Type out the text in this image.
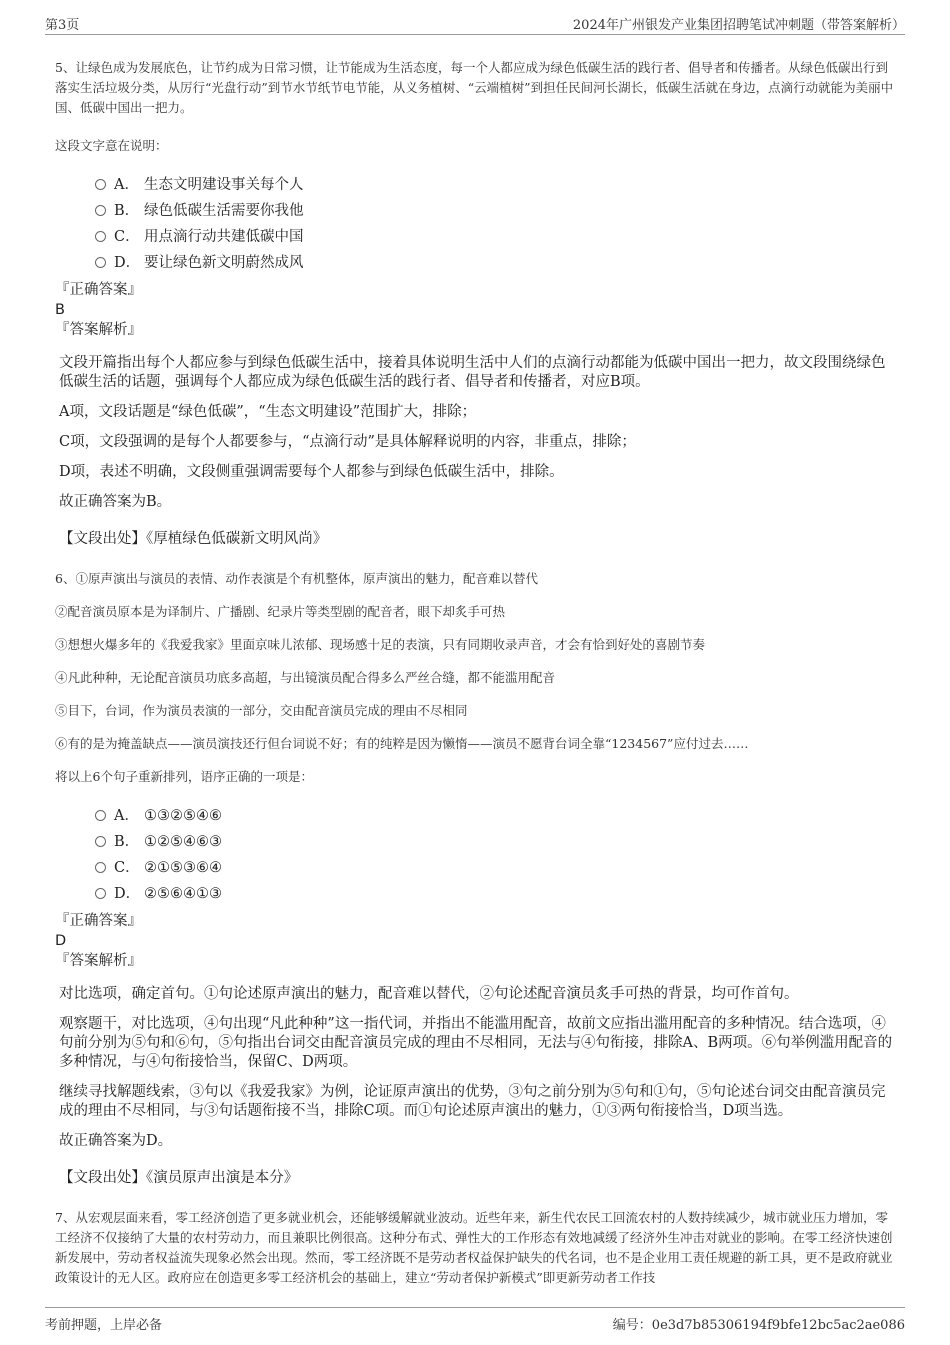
第3页	2024年广州银发产业集团招聘笔试冲刺题（带答案解析）

5、让绿色成为发展底色，让节约成为日常习惯，让节能成为生活态度，每一个人都应成为绿色低碳生活的践行者、倡导者和传播者。从绿色低碳出行到落实生活垃圾分类，从厉行“光盘行动”到节水节纸节电节能，从义务植树、“云端植树”到担任民间河长湖长，低碳生活就在身边，点滴行动就能为美丽中国、低碳中国出一把力。

这段文字意在说明：

A． 生态文明建设事关每个人
B． 绿色低碳生活需要你我他
C． 用点滴行动共建低碳中国
D． 要让绿色新文明蔚然成风

『正确答案』

B

『答案解析』

文段开篇指出每个人都应参与到绿色低碳生活中，接着具体说明生活中人们的点滴行动都能为低碳中国出一把力，故文段围绕绿色低碳生活的话题，强调每个人都应成为绿色低碳生活的践行者、倡导者和传播者，对应B项。

A项，文段话题是“绿色低碳”，“生态文明建设”范围扩大，排除；

C项，文段强调的是每个人都要参与，“点滴行动”是具体解释说明的内容，非重点，排除；

D项，表述不明确，文段侧重强调需要每个人都参与到绿色低碳生活中，排除。

故正确答案为B。

【文段出处】《厚植绿色低碳新文明风尚》

6、①原声演出与演员的表情、动作表演是个有机整体，原声演出的魅力，配音难以替代

②配音演员原本是为译制片、广播剧、纪录片等类型剧的配音者，眼下却炙手可热

③想想火爆多年的《我爱我家》里面京味儿浓郁、现场感十足的表演，只有同期收录声音，才会有恰到好处的喜剧节奏

④凡此种种，无论配音演员功底多高超，与出镜演员配合得多么严丝合缝，都不能滥用配音

⑤目下，台词，作为演员表演的一部分，交由配音演员完成的理由不尽相同

⑥有的是为掩盖缺点——演员演技还行但台词说不好；有的纯粹是因为懒惰——演员不愿背台词全靠“1234567”应付过去……

将以上6个句子重新排列，语序正确的一项是：

A． ①③②⑤④⑥
B． ①②⑤④⑥③
C． ②①⑤③⑥④
D． ②⑤⑥④①③

『正确答案』

D

『答案解析』

对比选项，确定首句。①句论述原声演出的魅力，配音难以替代，②句论述配音演员炙手可热的背景，均可作首句。

观察题干，对比选项，④句出现“凡此种种”这一指代词，并指出不能滥用配音，故前文应指出滥用配音的多种情况。结合选项，④句前分别为⑤句和⑥句，⑤句指出台词交由配音演员完成的理由不尽相同，无法与④句衔接，排除A、B两项。⑥句举例滥用配音的多种情况，与④句衔接恰当，保留C、D两项。

继续寻找解题线索，③句以《我爱我家》为例，论证原声演出的优势，③句之前分别为⑤句和①句，⑤句论述台词交由配音演员完成的理由不尽相同，与③句话题衔接不当，排除C项。而①句论述原声演出的魅力，①③两句衔接恰当，D项当选。

故正确答案为D。

【文段出处】《演员原声出演是本分》

7、从宏观层面来看，零工经济创造了更多就业机会，还能够缓解就业波动。近些年来，新生代农民工回流农村的人数持续减少，城市就业压力增加，零工经济不仅接纳了大量的农村劳动力，而且兼职比例很高。这种分布式、弹性大的工作形态有效地减缓了经济外生冲击对就业的影响。在零工经济快速创新发展中，劳动者权益流失现象必然会出现。然而，零工经济既不是劳动者权益保护缺失的代名词，也不是企业用工责任规避的新工具，更不是政府就业政策设计的无人区。政府应在创造更多零工经济机会的基础上，建立“劳动者保护新模式”即更新劳动者工作技

考前押题，上岸必备	编号：0e3d7b85306194f9bfe12bc5ac2ae086
